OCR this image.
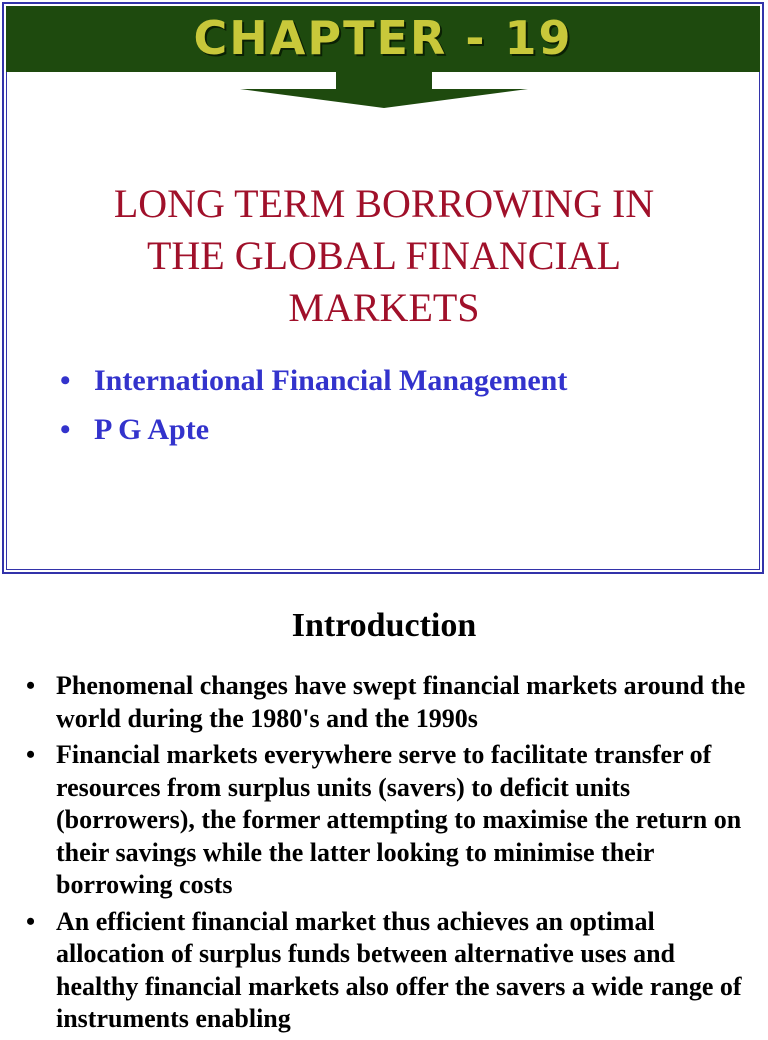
CHAPTER - 19
LONG TERM BORROWING IN
THE GLOBAL FINANCIAL
MARKETS
• International Financial Management
• P G Apte
Introduction
• Phenomenal changes have swept financial markets around the world during the 1980's and the 1990s
• Financial markets everywhere serve to facilitate transfer of resources from surplus units (savers) to deficit units (borrowers), the former attempting to maximise the return on their savings while the latter looking to minimise their borrowing costs
• An efficient financial market thus achieves an optimal allocation of surplus funds between alternative uses and healthy financial markets also offer the savers a wide range of instruments enabling
